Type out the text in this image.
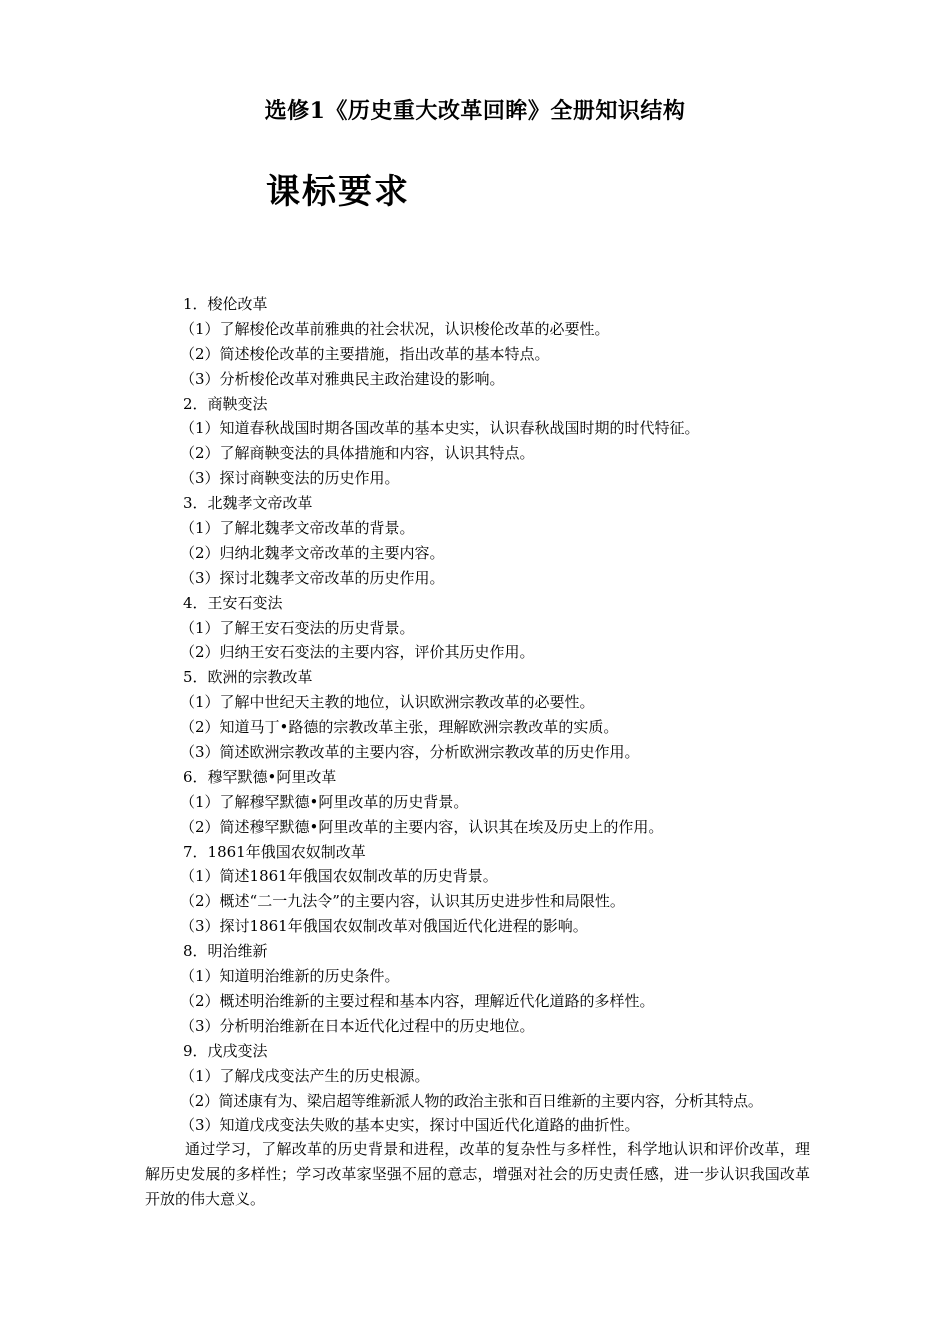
选修1《历史重大改革回眸》全册知识结构
课标要求
1．梭伦改革
（1）了解梭伦改革前雅典的社会状况，认识梭伦改革的必要性。
（2）简述梭伦改革的主要措施，指出改革的基本特点。
（3）分析梭伦改革对雅典民主政治建设的影响。
2．商鞅变法
（1）知道春秋战国时期各国改革的基本史实，认识春秋战国时期的时代特征。
（2）了解商鞅变法的具体措施和内容，认识其特点。
（3）探讨商鞅变法的历史作用。
3．北魏孝文帝改革
（1）了解北魏孝文帝改革的背景。
（2）归纳北魏孝文帝改革的主要内容。
（3）探讨北魏孝文帝改革的历史作用。
4．王安石变法
（1）了解王安石变法的历史背景。
（2）归纳王安石变法的主要内容，评价其历史作用。
5．欧洲的宗教改革
（1）了解中世纪天主教的地位，认识欧洲宗教改革的必要性。
（2）知道马丁•路德的宗教改革主张，理解欧洲宗教改革的实质。
（3）简述欧洲宗教改革的主要内容，分析欧洲宗教改革的历史作用。
6．穆罕默德•阿里改革
（1）了解穆罕默德•阿里改革的历史背景。
（2）简述穆罕默德•阿里改革的主要内容，认识其在埃及历史上的作用。
7．1861年俄国农奴制改革
（1）简述1861年俄国农奴制改革的历史背景。
（2）概述“二一九法令”的主要内容，认识其历史进步性和局限性。
（3）探讨1861年俄国农奴制改革对俄国近代化进程的影响。
8．明治维新
（1）知道明治维新的历史条件。
（2）概述明治维新的主要过程和基本内容，理解近代化道路的多样性。
（3）分析明治维新在日本近代化过程中的历史地位。
9．戊戌变法
（1）了解戊戌变法产生的历史根源。
（2）简述康有为、梁启超等维新派人物的政治主张和百日维新的主要内容，分析其特点。
（3）知道戊戌变法失败的基本史实，探讨中国近代化道路的曲折性。

通过学习，了解改革的历史背景和进程，改革的复杂性与多样性，科学地认识和评价改革，理解历史发展的多样性；学习改革家坚强不屈的意志，增强对社会的历史责任感，进一步认识我国改革开放的伟大意义。
